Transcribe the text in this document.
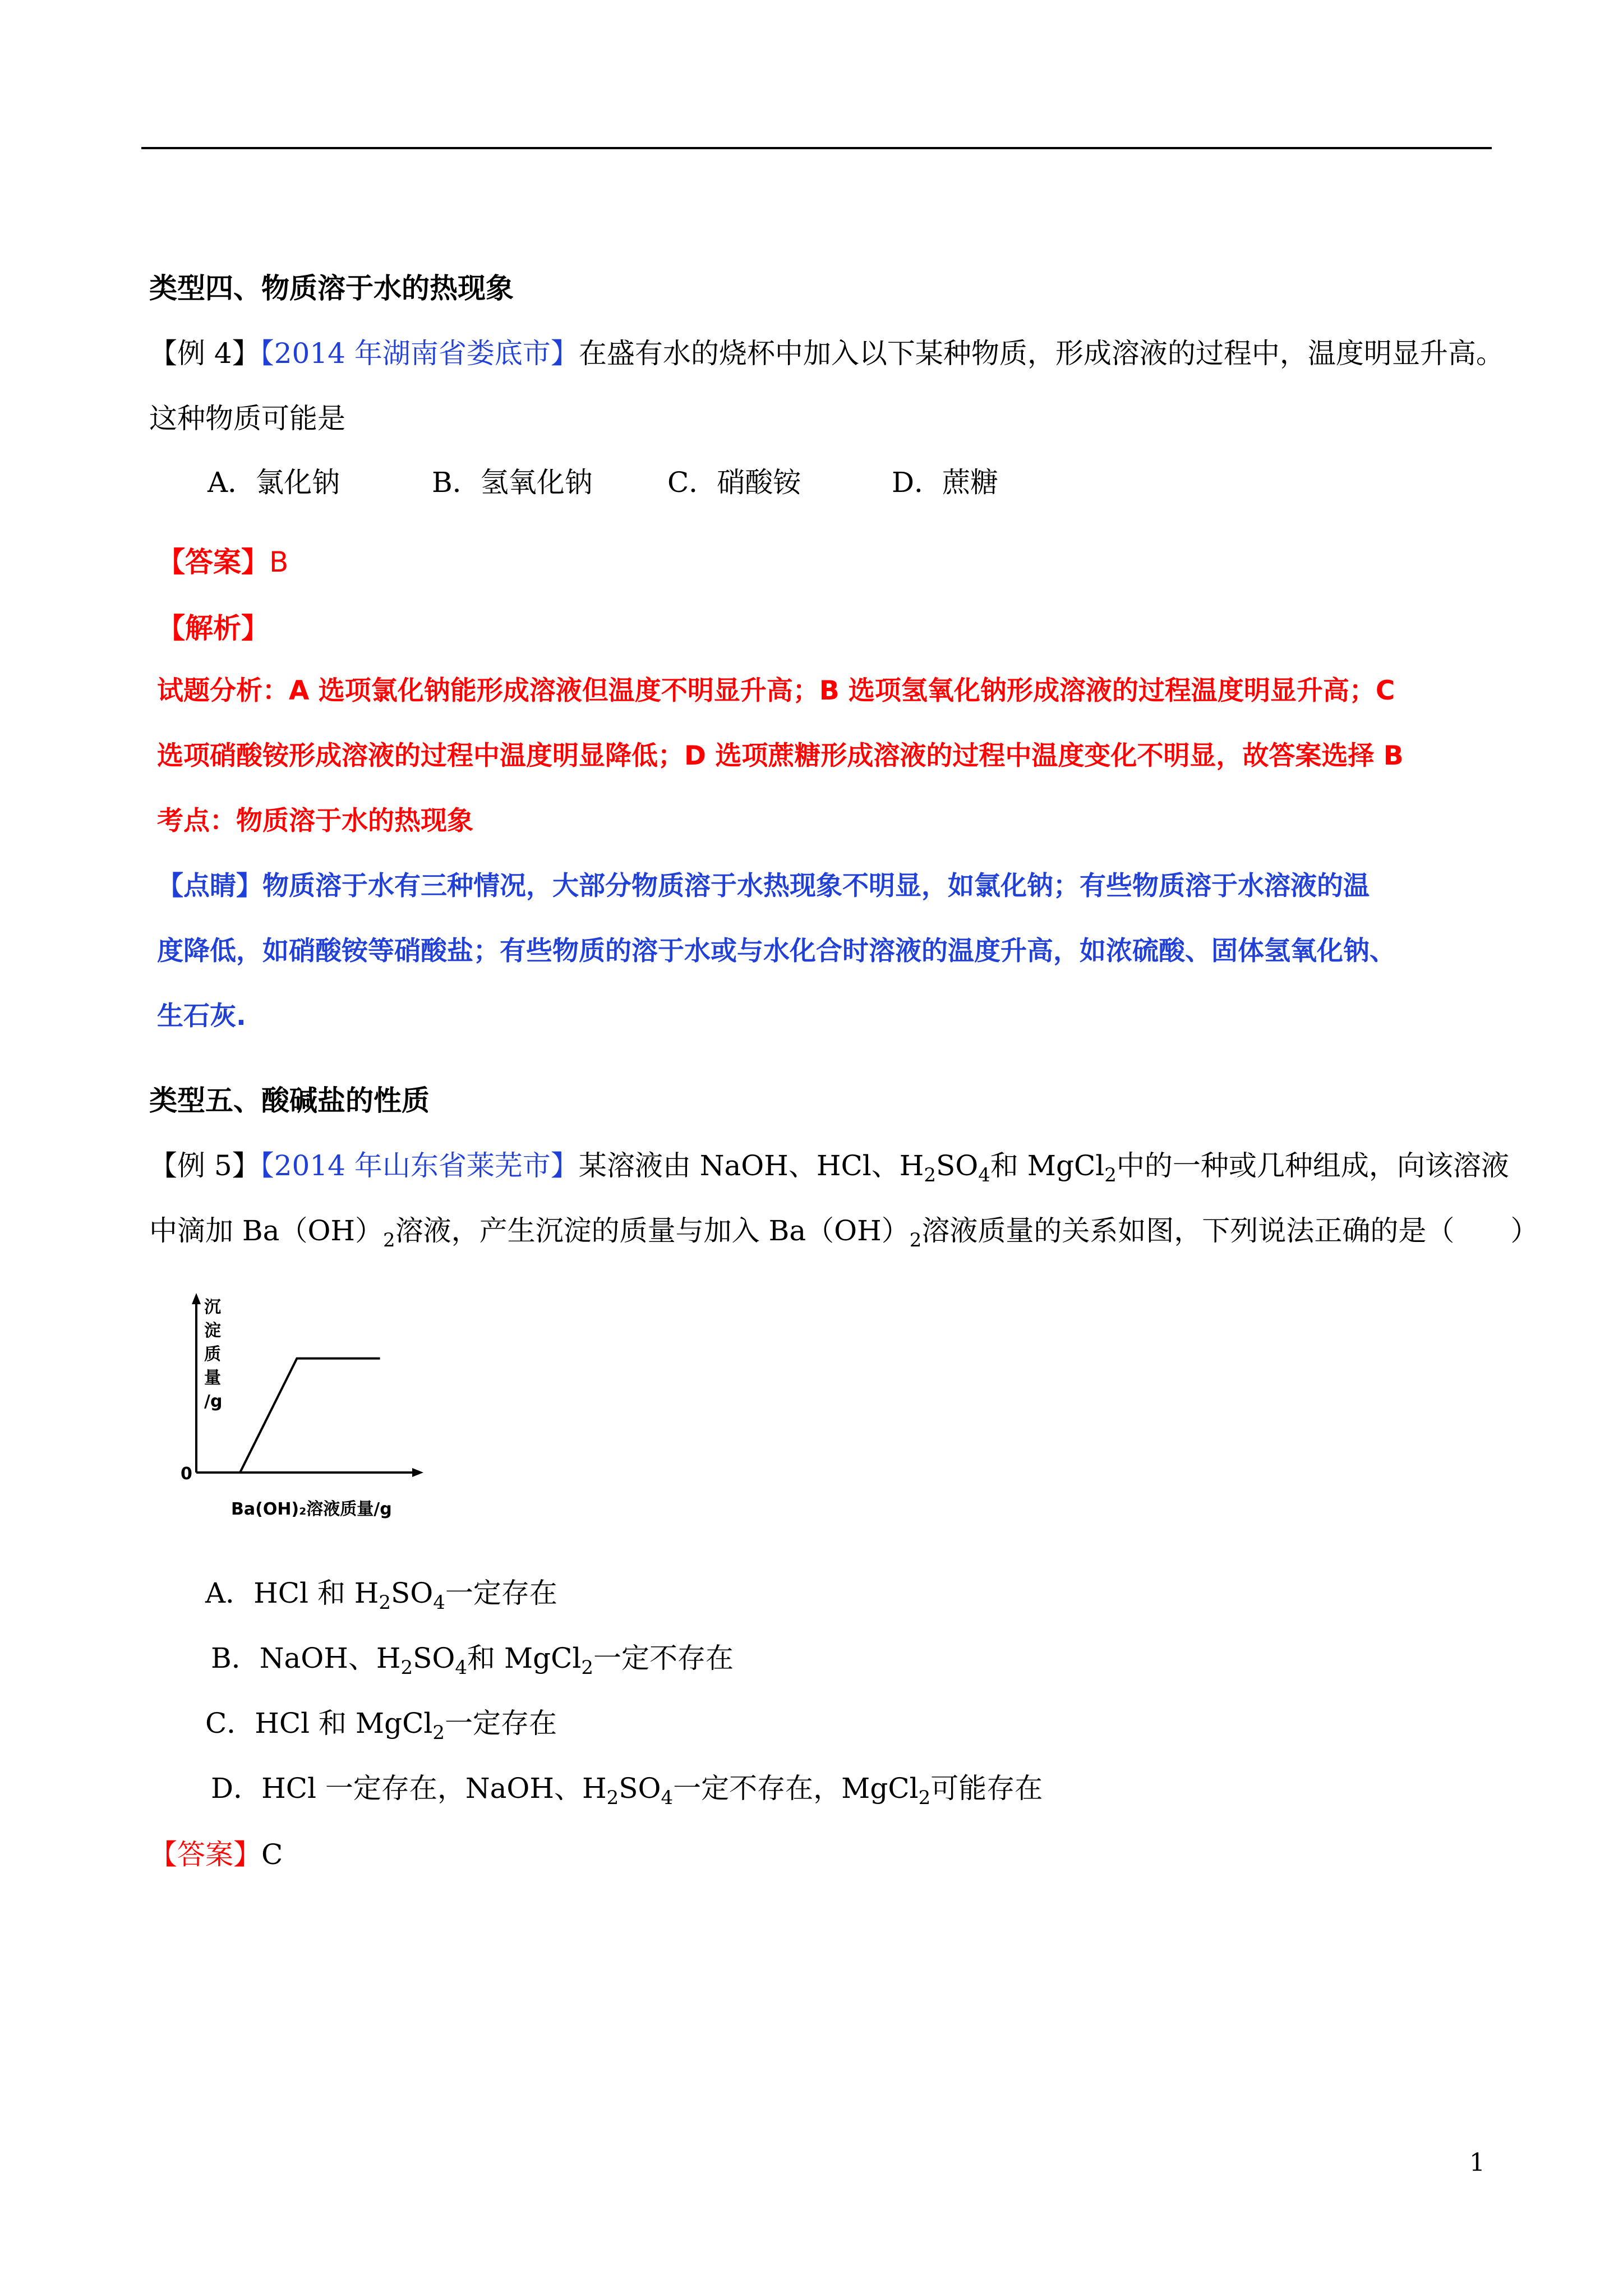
类型四、物质溶于水的热现象
【例 4】【2014 年湖南省娄底市】在盛有水的烧杯中加入以下某种物质，形成溶液的过程中，温度明显升高。
这种物质可能是
A．氯化钠	B．氢氧化钠	C．硝酸铵	D．蔗糖
【答案】B
【解析】
试题分析：A 选项氯化钠能形成溶液但温度不明显升高；B 选项氢氧化钠形成溶液的过程温度明显升高；C
选项硝酸铵形成溶液的过程中温度明显降低；D 选项蔗糖形成溶液的过程中温度变化不明显，故答案选择 B
考点：物质溶于水的热现象
【点睛】物质溶于水有三种情况，大部分物质溶于水热现象不明显，如氯化钠；有些物质溶于水溶液的温
度降低，如硝酸铵等硝酸盐；有些物质的溶于水或与水化合时溶液的温度升高，如浓硫酸、固体氢氧化钠、
生石灰.
类型五、酸碱盐的性质
【例 5】【2014 年山东省莱芜市】某溶液由 NaOH、HCl、$H_2SO_4$和 MgCl$_2$中的一种或几种组成，向该溶液
中滴加 $Ba(OH)_2$溶液，产生沉淀的质量与加入 $Ba(OH)_2$溶液质量的关系如图，下列说法正确的是（　　）
沉
淀
质
量
/g
0
Ba(OH)₂溶液质量/g
A．HCl 和 $H_2SO_4$一定存在
B．NaOH、$H_2SO_4$和 MgCl$_2$一定不存在
C．HCl 和 MgCl$_2$一定存在
D．HCl 一定存在，NaOH、$H_2SO_4$一定不存在，MgCl$_2$可能存在
【答案】C
1
